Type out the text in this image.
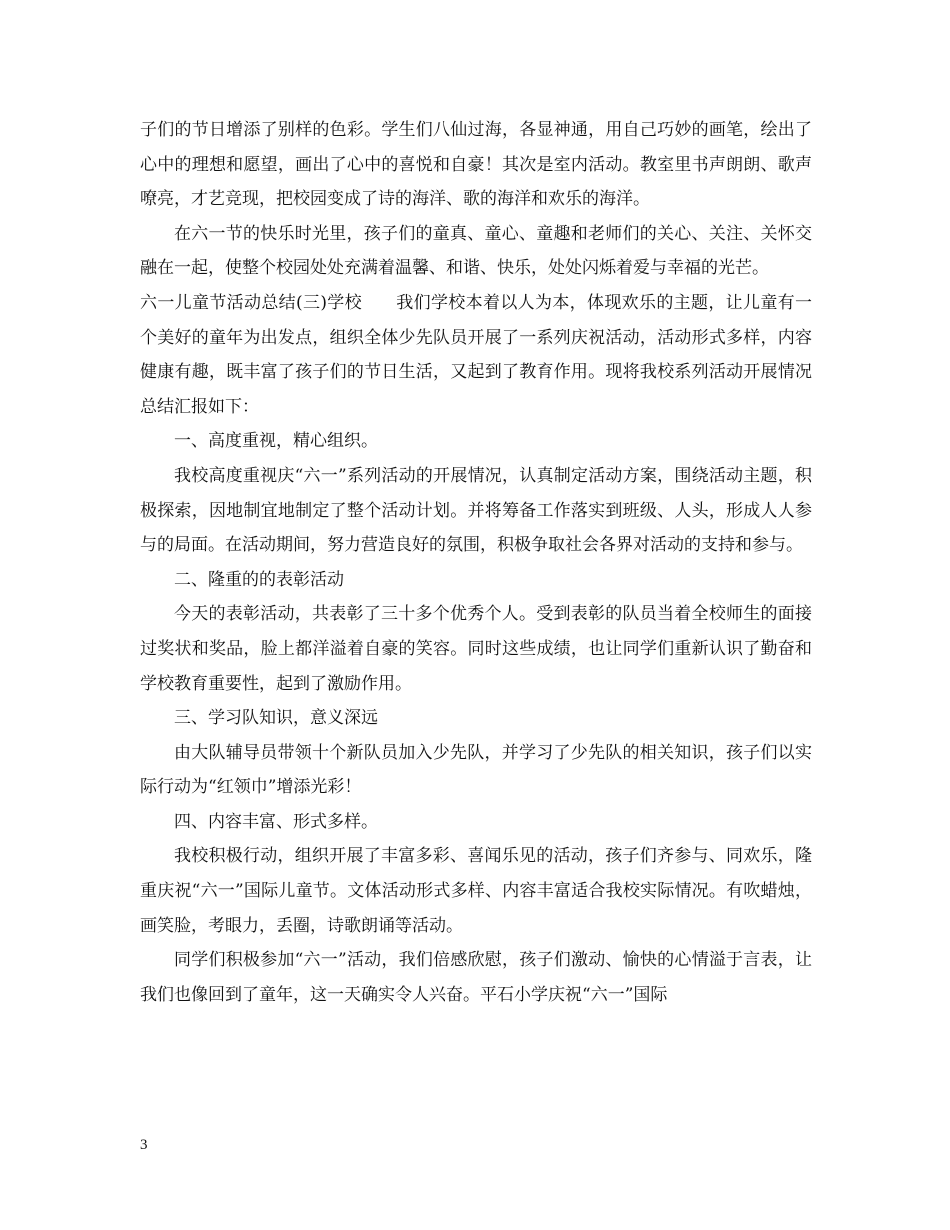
子们的节日增添了别样的色彩。学生们八仙过海，各显神通，用自己巧妙的画笔，绘出了心中的理想和愿望，画出了心中的喜悦和自豪！其次是室内活动。教室里书声朗朗、歌声嘹亮，才艺竞现，把校园变成了诗的海洋、歌的海洋和欢乐的海洋。

在六一节的快乐时光里，孩子们的童真、童心、童趣和老师们的关心、关注、关怀交融在一起，使整个校园处处充满着温馨、和谐、快乐，处处闪烁着爱与幸福的光芒。

六一儿童节活动总结(三)学校 我们学校本着以人为本，体现欢乐的主题，让儿童有一个美好的童年为出发点，组织全体少先队员开展了一系列庆祝活动，活动形式多样，内容健康有趣，既丰富了孩子们的节日生活，又起到了教育作用。现将我校系列活动开展情况总结汇报如下：

一、高度重视，精心组织。

我校高度重视庆“六一”系列活动的开展情况，认真制定活动方案，围绕活动主题，积极探索，因地制宜地制定了整个活动计划。并将筹备工作落实到班级、人头，形成人人参与的局面。在活动期间，努力营造良好的氛围，积极争取社会各界对活动的支持和参与。

二、隆重的的表彰活动

今天的表彰活动，共表彰了三十多个优秀个人。受到表彰的队员当着全校师生的面接过奖状和奖品，脸上都洋溢着自豪的笑容。同时这些成绩，也让同学们重新认识了勤奋和学校教育重要性，起到了激励作用。

三、学习队知识，意义深远

由大队辅导员带领十个新队员加入少先队，并学习了少先队的相关知识，孩子们以实际行动为“红领巾”增添光彩！

四、内容丰富、形式多样。

我校积极行动，组织开展了丰富多彩、喜闻乐见的活动，孩子们齐参与、同欢乐，隆重庆祝“六一”国际儿童节。文体活动形式多样、内容丰富适合我校实际情况。有吹蜡烛，画笑脸，考眼力，丢圈，诗歌朗诵等活动。

同学们积极参加“六一”活动，我们倍感欣慰，孩子们激动、愉快的心情溢于言表，让我们也像回到了童年，这一天确实令人兴奋。平石小学庆祝“六一”国际

3
